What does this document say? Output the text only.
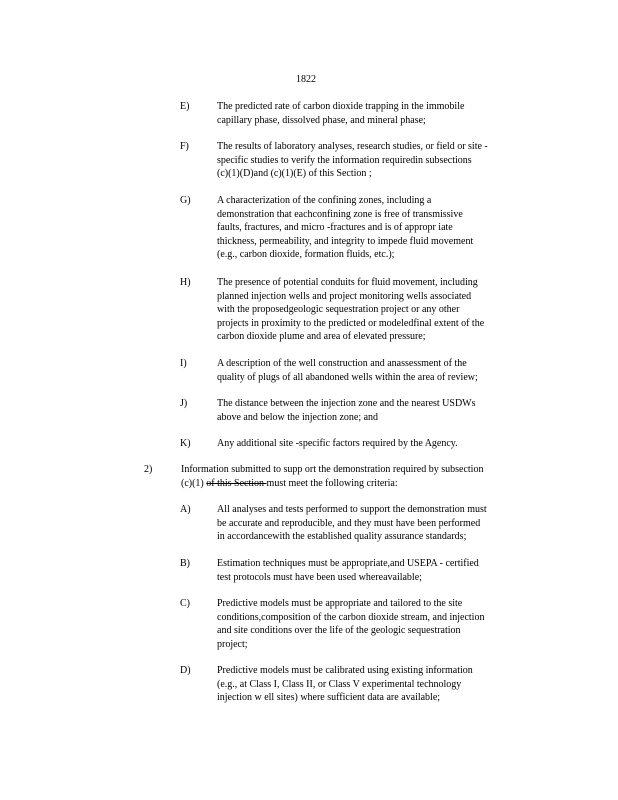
1822
E)	The predicted rate of carbon dioxide trapping in the immobile
capillary phase, dissolved phase, and mineral phase;
F)	The results of laboratory analyses, research studies, or field or site -
specific studies to verify the information requiredin subsections
(c)(1)(D)and (c)(1)(E) of this Section ;
G)	A characterization of the confining zones, including a
demonstration that eachconfining zone is free of transmissive
faults, fractures, and micro -fractures and is of appropr iate
thickness, permeability, and integrity to impede fluid movement
(e.g., carbon dioxide, formation fluids, etc.);
H)	The presence of potential conduits for fluid movement, including
planned injection wells and project monitoring wells associated
with the proposedgeologic sequestration project or any other
projects in proximity to the predicted or modeledfinal extent of the
carbon dioxide plume and area of elevated pressure;
I)	A description of the well construction and anassessment of the
quality of plugs of all abandoned wells within the area of review;
J)	The distance between the injection zone and the nearest USDWs
above and below the injection zone; and
K)	Any additional site -specific factors required by the Agency.
2)	Information submitted to supp ort the demonstration required by subsection
(c)(1) of this Section must meet the following criteria:
A)	All analyses and tests performed to support the demonstration must
be accurate and reproducible, and they must have been performed
in accordancewith the established quality assurance standards;
B)	Estimation techniques must be appropriate,and USEPA - certified
test protocols must have been used whereavailable;
C)	Predictive models must be appropriate and tailored to the site
conditions,composition of the carbon dioxide stream, and injection
and site conditions over the life of the geologic sequestration
project;
D)	Predictive models must be calibrated using existing information
(e.g., at Class I, Class II, or Class V experimental technology
injection w ell sites) where sufficient data are available;
